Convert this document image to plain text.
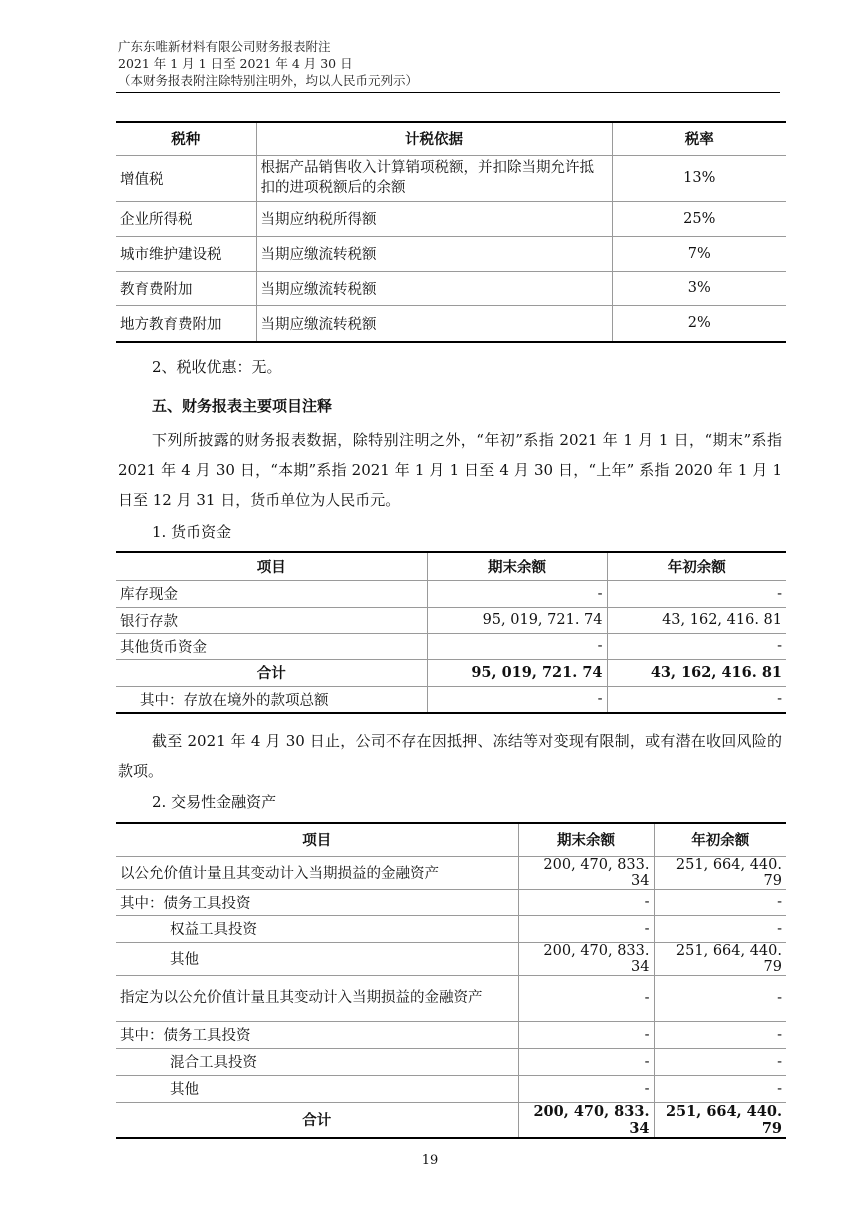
广东东唯新材料有限公司财务报表附注
2021 年 1 月 1 日至 2021 年 4 月 30 日
（本财务报表附注除特别注明外，均以人民币元列示）
税种	计税依据	税率
增值税	根据产品销售收入计算销项税额，并扣除当期允许抵扣的进项税额后的余额	13%
企业所得税	当期应纳税所得额	25%
城市维护建设税	当期应缴流转税额	7%
教育费附加	当期应缴流转税额	3%
地方教育费附加	当期应缴流转税额	2%
2、税收优惠：无。
五、财务报表主要项目注释
下列所披露的财务报表数据，除特别注明之外，“年初”系指 2021 年 1 月 1 日，“期末”系指 2021 年 4 月 30 日，“本期”系指 2021 年 1 月 1 日至 4 月 30 日，“上年” 系指 2020 年 1 月 1 日至 12 月 31 日，货币单位为人民币元。
1. 货币资金
项目	期末余额	年初余额
库存现金	-	-
银行存款	95, 019, 721. 74	43, 162, 416. 81
其他货币资金	-	-
合计	95, 019, 721. 74	43, 162, 416. 81
其中：存放在境外的款项总额	-	-
截至 2021 年 4 月 30 日止，公司不存在因抵押、冻结等对变现有限制，或有潜在收回风险的款项。
2. 交易性金融资产
项目	期末余额	年初余额
以公允价值计量且其变动计入当期损益的金融资产	200, 470, 833. 34	251, 664, 440. 79
其中：债务工具投资	-	-
权益工具投资	-	-
其他	200, 470, 833. 34	251, 664, 440. 79
指定为以公允价值计量且其变动计入当期损益的金融资产	-	-
其中：债务工具投资	-	-
混合工具投资	-	-
其他	-	-
合计	200, 470, 833. 34	251, 664, 440. 79
19
